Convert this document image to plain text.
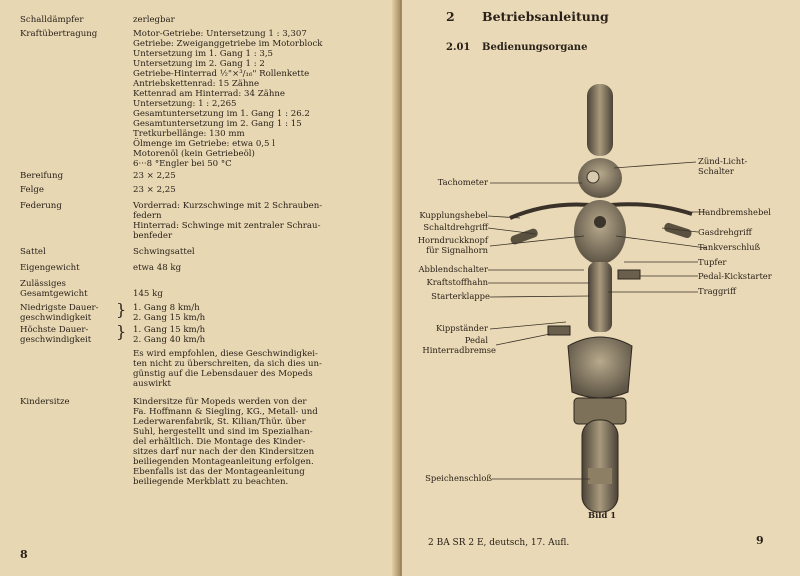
Schalldämpfer	zerlegbar
Kraftübertragung	Motor-Getriebe: Untersetzung 1 : 3,307
Getriebe: Zweiganggetriebe im Motorblock
Untersetzung im 1. Gang 1 : 3,5
Untersetzung im 2. Gang 1 : 2
Getriebe-Hinterrad ½"×³/₁₆" Rollenkette
Antriebskettenrad: 15 Zähne
Kettenrad am Hinterrad: 34 Zähne
Untersetzung: 1 : 2,265
Gesamtuntersetzung im 1. Gang 1 : 26.2
Gesamtuntersetzung im 2. Gang 1 : 15
Tretkurbellänge: 130 mm
Ölmenge im Getriebe: etwa 0,5 l
Motorenöl (kein Getriebeöl)
6···8 °Engler bei 50 °C
Bereifung	23 × 2,25
Felge	23 × 2,25
Federung	Vorderrad: Kurzschwinge mit 2 Schrauben-
federn
Hinterrad: Schwinge mit zentraler Schrau-
benfeder
Sattel	Schwingsattel
Eigengewicht	etwa 48 kg
Zulässiges
Gesamtgewicht	145 kg
Niedrigste Dauer-	1. Gang 8 km/h
geschwindigkeit	2. Gang 15 km/h
Höchste Dauer-	1. Gang 15 km/h
geschwindigkeit	2. Gang 40 km/h
Es wird empfohlen, diese Geschwindigkei-
ten nicht zu überschreiten, da sich dies un-
günstig auf die Lebensdauer des Mopeds
auswirkt
}
}
Kindersitze	Kindersitze für Mopeds werden von der
Fa. Hoffmann & Siegling, KG., Metall- und
Lederwarenfabrik, St. Kilian/Thür. über
Suhl, hergestellt und sind im Spezialhan-
del erhältlich. Die Montage des Kinder-
sitzes darf nur nach der den Kindersitzen
beiliegenden Montageanleitung erfolgen.
Ebenfalls ist das der Montageanleitung
beiliegende Merkblatt zu beachten.
8
2 Betriebsanleitung
2.01 Bedienungsorgane
Tachometer
Kupplungshebel
Schaltdrehgriff
Horndruckknopf
für Signalhorn
Abblendschalter
Kraftstoffhahn
Starterklappe
Kippständer
Pedal
Hinterradbremse
Speichenschloß
Zünd-Licht-
Schalter
Handbremshebel
Gasdrehgriff
Tankverschluß
Tupfer
Pedal-Kickstarter
Traggriff
Bild 1
2 BA SR 2 E, deutsch, 17. Aufl.	9
